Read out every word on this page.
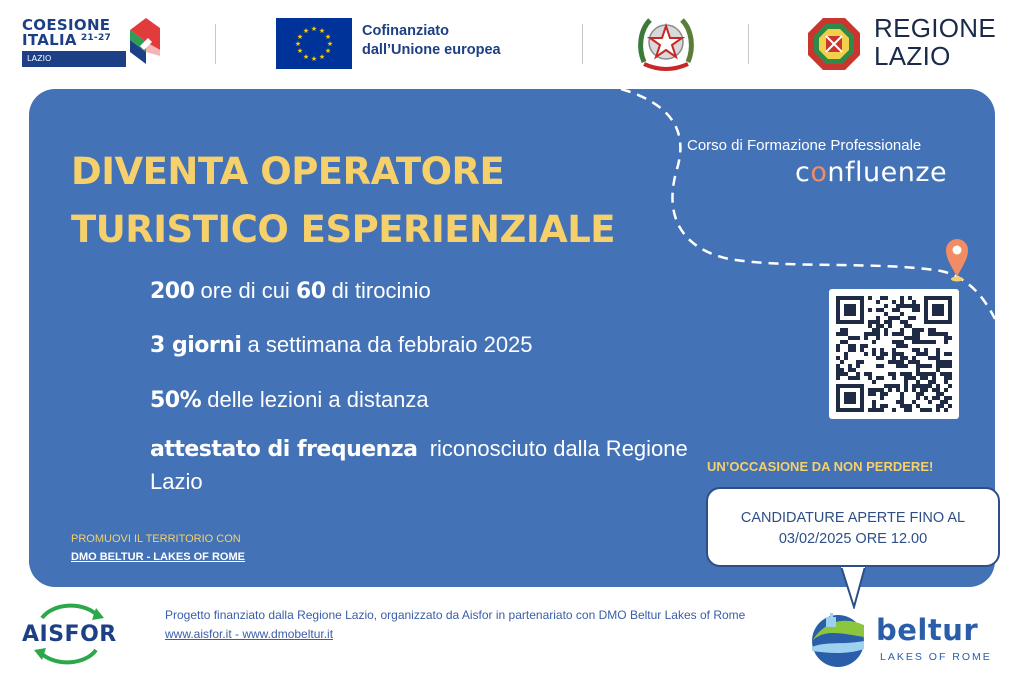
COESIONE
ITALIA $^{21-27}$
LAZIO
★ ★
★
★
★
★
★
★
★
★
★
★	Cofinanziato
dall’Unione europea
REGIONE
LAZIO
DIVENTA OPERATORE
TURISTICO ESPERIENZIALE
200 ore di cui 60 di tirocinio
3 giorni a settimana da febbraio 2025
50% delle lezioni a distanza
attestato di frequenza  riconosciuto dalla Regione Lazio
PROMUOVI IL TERRITORIO CON
DMO BELTUR - LAKES OF ROME
Corso di Formazione Professionale
confluenze
UN’OCCASIONE DA NON PERDERE!
CANDIDATURE APERTE FINO AL
03/02/2025 ORE 12.00
AISFOR
Progetto finanziato dalla Regione Lazio, organizzato da Aisfor in partenariato con DMO Beltur Lakes of Rome
www.aisfor.it - www.dmobeltur.it	beltur
LAKES OF ROME
